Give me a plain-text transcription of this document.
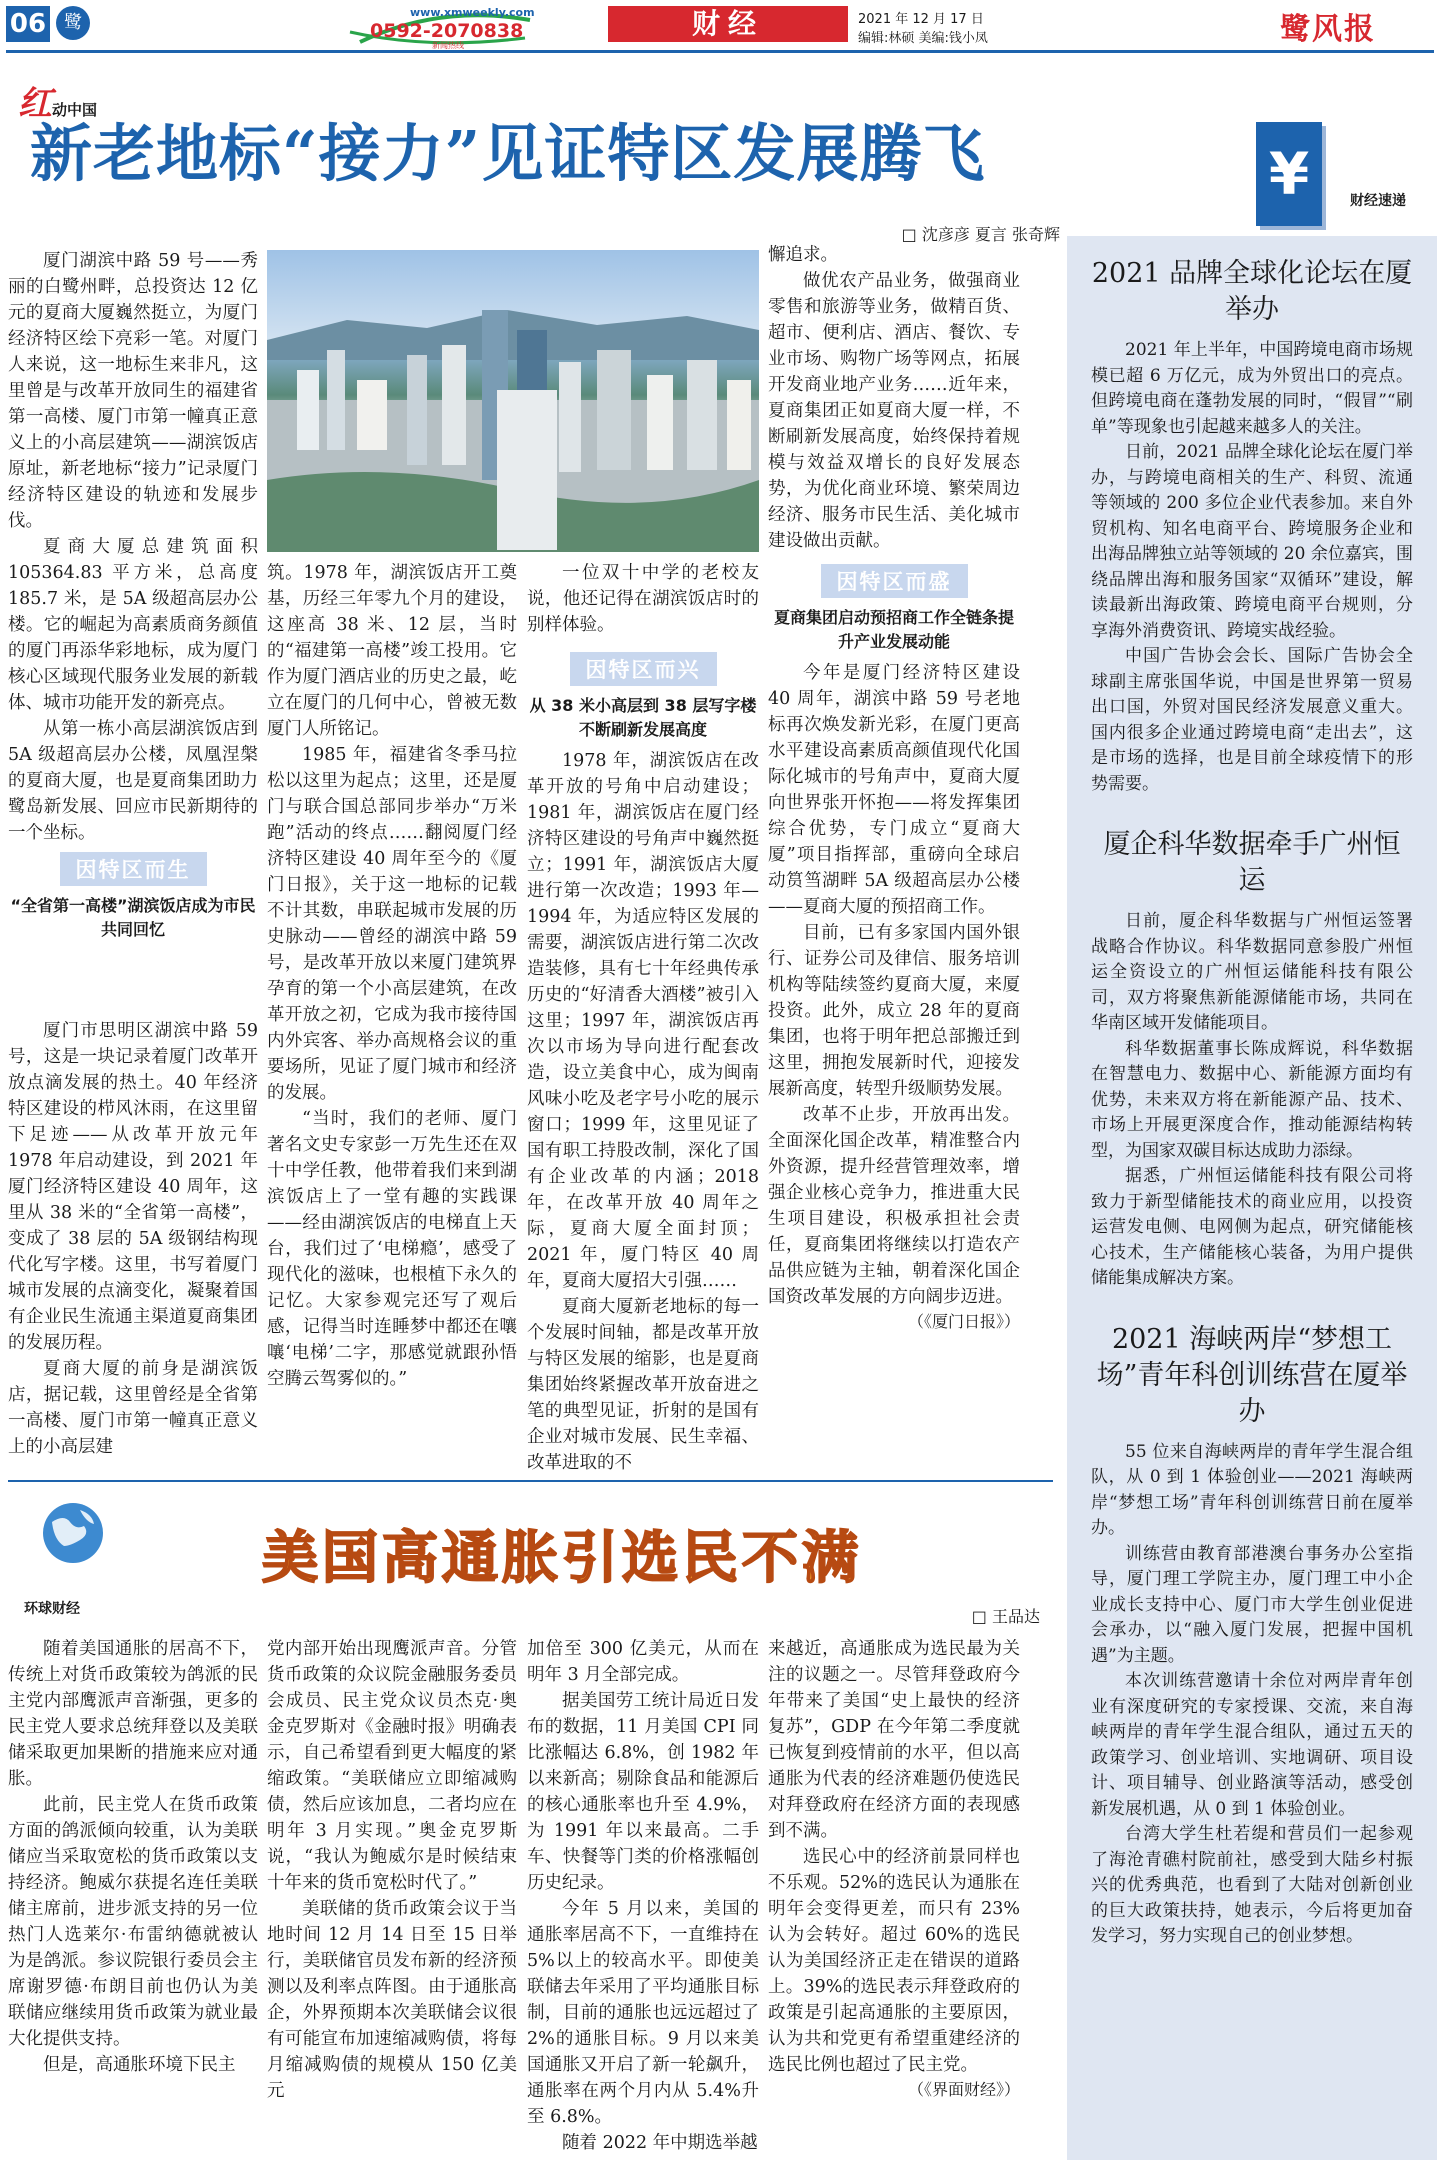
06 鹭	www.xmweekly.com
0592-2070838
新闻热线
财经	2021 年 12 月 17 日
编辑:林硕 美编:钱小凤	鹭风报
红动中国
新老地标“接力”见证特区发展腾飞
□ 沈彦彦 夏言 张奇辉

厦门湖滨中路 59 号——秀丽的白鹭州畔，总投资达 12 亿元的夏商大厦巍然挺立，为厦门经济特区绘下亮彩一笔。对厦门人来说，这一地标生来非凡，这里曾是与改革开放同生的福建省第一高楼、厦门市第一幢真正意义上的小高层建筑——湖滨饭店原址，新老地标“接力”记录厦门经济特区建设的轨迹和发展步伐。

夏商大厦总建筑面积 105364.83 平方米，总高度 185.7 米，是 5A 级超高层办公楼。它的崛起为高素质商务颜值的厦门再添华彩地标，成为厦门核心区域现代服务业发展的新载体、城市功能开发的新亮点。

从第一栋小高层湖滨饭店到 5A 级超高层办公楼，凤凰涅槃的夏商大厦，也是夏商集团助力鹭岛新发展、回应市民新期待的一个坐标。

因特区而生
“全省第一高楼”湖滨饭店成为市民共同回忆

厦门市思明区湖滨中路 59 号，这是一块记录着厦门改革开放点滴发展的热土。40 年经济特区建设的栉风沐雨，在这里留下足迹——从改革开放元年 1978 年启动建设，到 2021 年厦门经济特区建设 40 周年，这里从 38 米的“全省第一高楼”，变成了 38 层的 5A 级钢结构现代化写字楼。这里，书写着厦门城市发展的点滴变化，凝聚着国有企业民生流通主渠道夏商集团的发展历程。

夏商大厦的前身是湖滨饭店，据记载，这里曾经是全省第一高楼、厦门市第一幢真正意义上的小高层建

筑。1978 年，湖滨饭店开工奠基，历经三年零九个月的建设，这座高 38 米、12 层，当时的“福建第一高楼”竣工投用。它作为厦门酒店业的历史之最，屹立在厦门的几何中心，曾被无数厦门人所铭记。

1985 年，福建省冬季马拉松以这里为起点；这里，还是厦门与联合国总部同步举办“万米跑”活动的终点……翻阅厦门经济特区建设 40 周年至今的《厦门日报》，关于这一地标的记载不计其数，串联起城市发展的历史脉动——曾经的湖滨中路 59 号，是改革开放以来厦门建筑界孕育的第一个小高层建筑，在改革开放之初，它成为我市接待国内外宾客、举办高规格会议的重要场所，见证了厦门城市和经济的发展。

“当时，我们的老师、厦门著名文史专家彭一万先生还在双十中学任教，他带着我们来到湖滨饭店上了一堂有趣的实践课——经由湖滨饭店的电梯直上天台，我们过了‘电梯瘾’，感受了现代化的滋味，也根植下永久的记忆。大家参观完还写了观后感，记得当时连睡梦中都还在嚷嚷‘电梯’二字，那感觉就跟孙悟空腾云驾雾似的。”

一位双十中学的老校友说，他还记得在湖滨饭店时的别样体验。

因特区而兴
从 38 米小高层到 38 层写字楼不断刷新发展高度

1978 年，湖滨饭店在改革开放的号角中启动建设；1981 年，湖滨饭店在厦门经济特区建设的号角声中巍然挺立；1991 年，湖滨饭店大厦进行第一次改造；1993 年—1994 年，为适应特区发展的需要，湖滨饭店进行第二次改造装修，具有七十年经典传承历史的“好清香大酒楼”被引入这里；1997 年，湖滨饭店再次以市场为导向进行配套改造，设立美食中心，成为闽南风味小吃及老字号小吃的展示窗口；1999 年，这里见证了国有职工持股改制，深化了国有企业改革的内涵；2018 年，在改革开放 40 周年之际，夏商大厦全面封顶；2021 年，厦门特区 40 周年，夏商大厦招大引强……

夏商大厦新老地标的每一个发展时间轴，都是改革开放与特区发展的缩影，也是夏商集团始终紧握改革开放奋进之笔的典型见证，折射的是国有企业对城市发展、民生幸福、改革进取的不

懈追求。

做优农产品业务，做强商业零售和旅游等业务，做精百货、超市、便利店、酒店、餐饮、专业市场、购物广场等网点，拓展开发商业地产业务……近年来，夏商集团正如夏商大厦一样，不断刷新发展高度，始终保持着规模与效益双增长的良好发展态势，为优化商业环境、繁荣周边经济、服务市民生活、美化城市建设做出贡献。

因特区而盛
夏商集团启动预招商工作全链条提升产业发展动能

今年是厦门经济特区建设 40 周年，湖滨中路 59 号老地标再次焕发新光彩，在厦门更高水平建设高素质高颜值现代化国际化城市的号角声中，夏商大厦向世界张开怀抱——将发挥集团综合优势，专门成立“夏商大厦”项目指挥部，重磅向全球启动筼筜湖畔 5A 级超高层办公楼——夏商大厦的预招商工作。

目前，已有多家国内国外银行、证券公司及律信、服务培训机构等陆续签约夏商大厦，来厦投资。此外，成立 28 年的夏商集团，也将于明年把总部搬迁到这里，拥抱发展新时代，迎接发展新高度，转型升级顺势发展。

改革不止步，开放再出发。全面深化国企改革，精准整合内外资源，提升经营管理效率，增强企业核心竞争力，推进重大民生项目建设，积极承担社会责任，夏商集团将继续以打造农产品供应链为主轴，朝着深化国企国资改革发展的方向阔步迈进。

（《厦门日报》）
2021 品牌全球化论坛在厦举办

2021 年上半年，中国跨境电商市场规模已超 6 万亿元，成为外贸出口的亮点。但跨境电商在蓬勃发展的同时，“假冒”“刷单”等现象也引起越来越多人的关注。

日前，2021 品牌全球化论坛在厦门举办，与跨境电商相关的生产、科贸、流通等领域的 200 多位企业代表参加。来自外贸机构、知名电商平台、跨境服务企业和出海品牌独立站等领域的 20 余位嘉宾，围绕品牌出海和服务国家“双循环”建设，解读最新出海政策、跨境电商平台规则，分享海外消费资讯、跨境实战经验。

中国广告协会会长、国际广告协会全球副主席张国华说，中国是世界第一贸易出口国，外贸对国民经济发展意义重大。国内很多企业通过跨境电商“走出去”，这是市场的选择，也是目前全球疫情下的形势需要。

厦企科华数据牵手广州恒运

日前，厦企科华数据与广州恒运签署战略合作协议。科华数据同意参股广州恒运全资设立的广州恒运储能科技有限公司，双方将聚焦新能源储能市场，共同在华南区域开发储能项目。

科华数据董事长陈成辉说，科华数据在智慧电力、数据中心、新能源方面均有优势，未来双方将在新能源产品、技术、市场上开展更深度合作，推动能源结构转型，为国家双碳目标达成助力添绿。

据悉，广州恒运储能科技有限公司将致力于新型储能技术的商业应用，以投资运营发电侧、电网侧为起点，研究储能核心技术，生产储能核心装备，为用户提供储能集成解决方案。

2021 海峡两岸“梦想工场”青年科创训练营在厦举办

55 位来自海峡两岸的青年学生混合组队，从 0 到 1 体验创业——2021 海峡两岸“梦想工场”青年科创训练营日前在厦举办。

训练营由教育部港澳台事务办公室指导，厦门理工学院主办，厦门理工中小企业成长支持中心、厦门市大学生创业促进会承办，以“融入厦门发展，把握中国机遇”为主题。

本次训练营邀请十余位对两岸青年创业有深度研究的专家授课、交流，来自海峡两岸的青年学生混合组队，通过五天的政策学习、创业培训、实地调研、项目设计、项目辅导、创业路演等活动，感受创新发展机遇，从 0 到 1 体验创业。

台湾大学生杜若缇和营员们一起参观了海沧青礁村院前社，感受到大陆乡村振兴的优秀典范，也看到了大陆对创新创业的巨大政策扶持，她表示，今后将更加奋发学习，努力实现自己的创业梦想。

¥	财经速递
环球财经
美国高通胀引选民不满
□ 王品达

随着美国通胀的居高不下，传统上对货币政策较为鸽派的民主党内部鹰派声音渐强，更多的民主党人要求总统拜登以及美联储采取更加果断的措施来应对通胀。

此前，民主党人在货币政策方面的鸽派倾向较重，认为美联储应当采取宽松的货币政策以支持经济。鲍威尔获提名连任美联储主席前，进步派支持的另一位热门人选莱尔·布雷纳德就被认为是鸽派。参议院银行委员会主席谢罗德·布朗目前也仍认为美联储应继续用货币政策为就业最大化提供支持。

但是，高通胀环境下民主

党内部开始出现鹰派声音。分管货币政策的众议院金融服务委员会成员、民主党众议员杰克·奥金克罗斯对《金融时报》明确表示，自己希望看到更大幅度的紧缩政策。“美联储应立即缩减购债，然后应该加息，二者均应在明年 3 月实现。”奥金克罗斯说，“我认为鲍威尔是时候结束十年来的货币宽松时代了。”

美联储的货币政策会议于当地时间 12 月 14 日至 15 日举行，美联储官员发布新的经济预测以及利率点阵图。由于通胀高企，外界预期本次美联储会议很有可能宣布加速缩减购债，将每月缩减购债的规模从 150 亿美元

加倍至 300 亿美元，从而在明年 3 月全部完成。

据美国劳工统计局近日发布的数据，11 月美国 CPI 同比涨幅达 6.8%，创 1982 年以来新高；剔除食品和能源后的核心通胀率也升至 4.9%，为 1991 年以来最高。二手车、快餐等门类的价格涨幅创历史纪录。

今年 5 月以来，美国的通胀率居高不下，一直维持在 5%以上的较高水平。即使美联储去年采用了平均通胀目标制，目前的通胀也远远超过了 2%的通胀目标。9 月以来美国通胀又开启了新一轮飙升，通胀率在两个月内从 5.4%升至 6.8%。

随着 2022 年中期选举越

来越近，高通胀成为选民最为关注的议题之一。尽管拜登政府今年带来了美国“史上最快的经济复苏”，GDP 在今年第二季度就已恢复到疫情前的水平，但以高通胀为代表的经济难题仍使选民对拜登政府在经济方面的表现感到不满。

选民心中的经济前景同样也不乐观。52%的选民认为通胀在明年会变得更差，而只有 23%认为会转好。超过 60%的选民认为美国经济正走在错误的道路上。39%的选民表示拜登政府的政策是引起高通胀的主要原因，认为共和党更有希望重建经济的选民比例也超过了民主党。

（《界面财经》）
